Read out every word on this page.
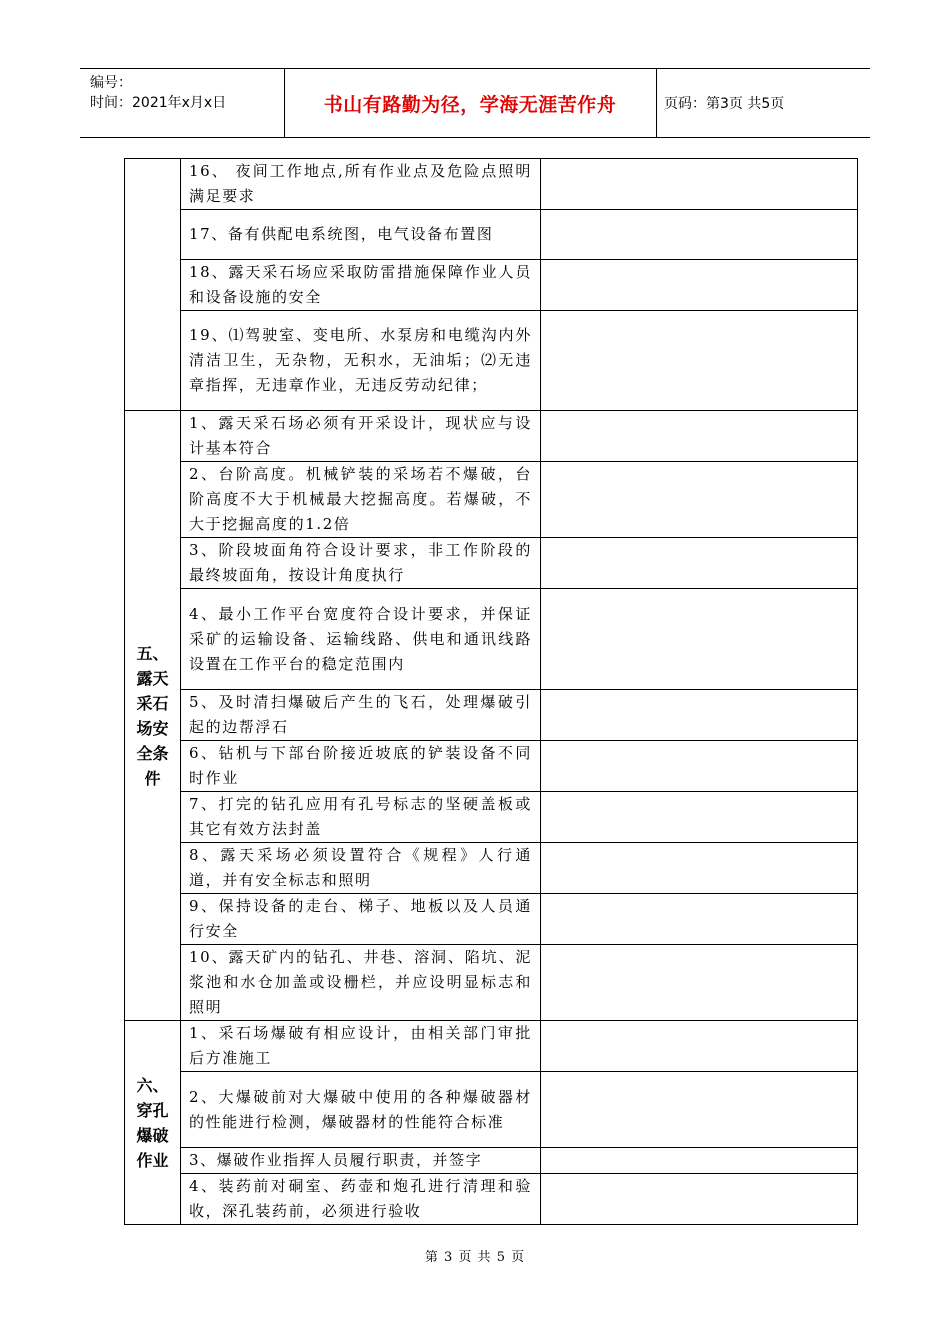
编号：
时间：2021年x月x日	书山有路勤为径，学海无涯苦作舟	页码：第3页 共5页
	16、 夜间工作地点,所有作业点及危险点照明满足要求	
	17、备有供配电系统图，电气设备布置图	
	18、露天采石场应采取防雷措施保障作业人员和设备设施的安全	
	19、⑴驾驶室、变电所、水泵房和电缆沟内外清洁卫生，无杂物，无积水，无油垢；⑵无违章指挥，无违章作业，无违反劳动纪律；	

五、露天采石场安全条件	1、露天采石场必须有开采设计，现状应与设计基本符合	
	2、台阶高度。机械铲装的采场若不爆破，台阶高度不大于机械最大挖掘高度。若爆破，不大于挖掘高度的1.2倍	
	3、阶段坡面角符合设计要求，非工作阶段的最终坡面角，按设计角度执行	
	4、最小工作平台宽度符合设计要求，并保证采矿的运输设备、运输线路、供电和通讯线路设置在工作平台的稳定范围内	
	5、及时清扫爆破后产生的飞石，处理爆破引起的边帮浮石	
	6、钻机与下部台阶接近坡底的铲装设备不同时作业	
	7、打完的钻孔应用有孔号标志的坚硬盖板或其它有效方法封盖	
	8、露天采场必须设置符合《规程》人行通道，并有安全标志和照明	
	9、保持设备的走台、梯子、地板以及人员通行安全	
	10、露天矿内的钻孔、井巷、溶洞、陷坑、泥浆池和水仓加盖或设栅栏，并应设明显标志和照明	

六、穿孔爆破作业	1、采石场爆破有相应设计，由相关部门审批后方准施工	
	2、大爆破前对大爆破中使用的各种爆破器材的性能进行检测，爆破器材的性能符合标准	
	3、爆破作业指挥人员履行职责，并签字	
	4、装药前对硐室、药壶和炮孔进行清理和验收，深孔装药前，必须进行验收	
第 3 页 共 5 页
